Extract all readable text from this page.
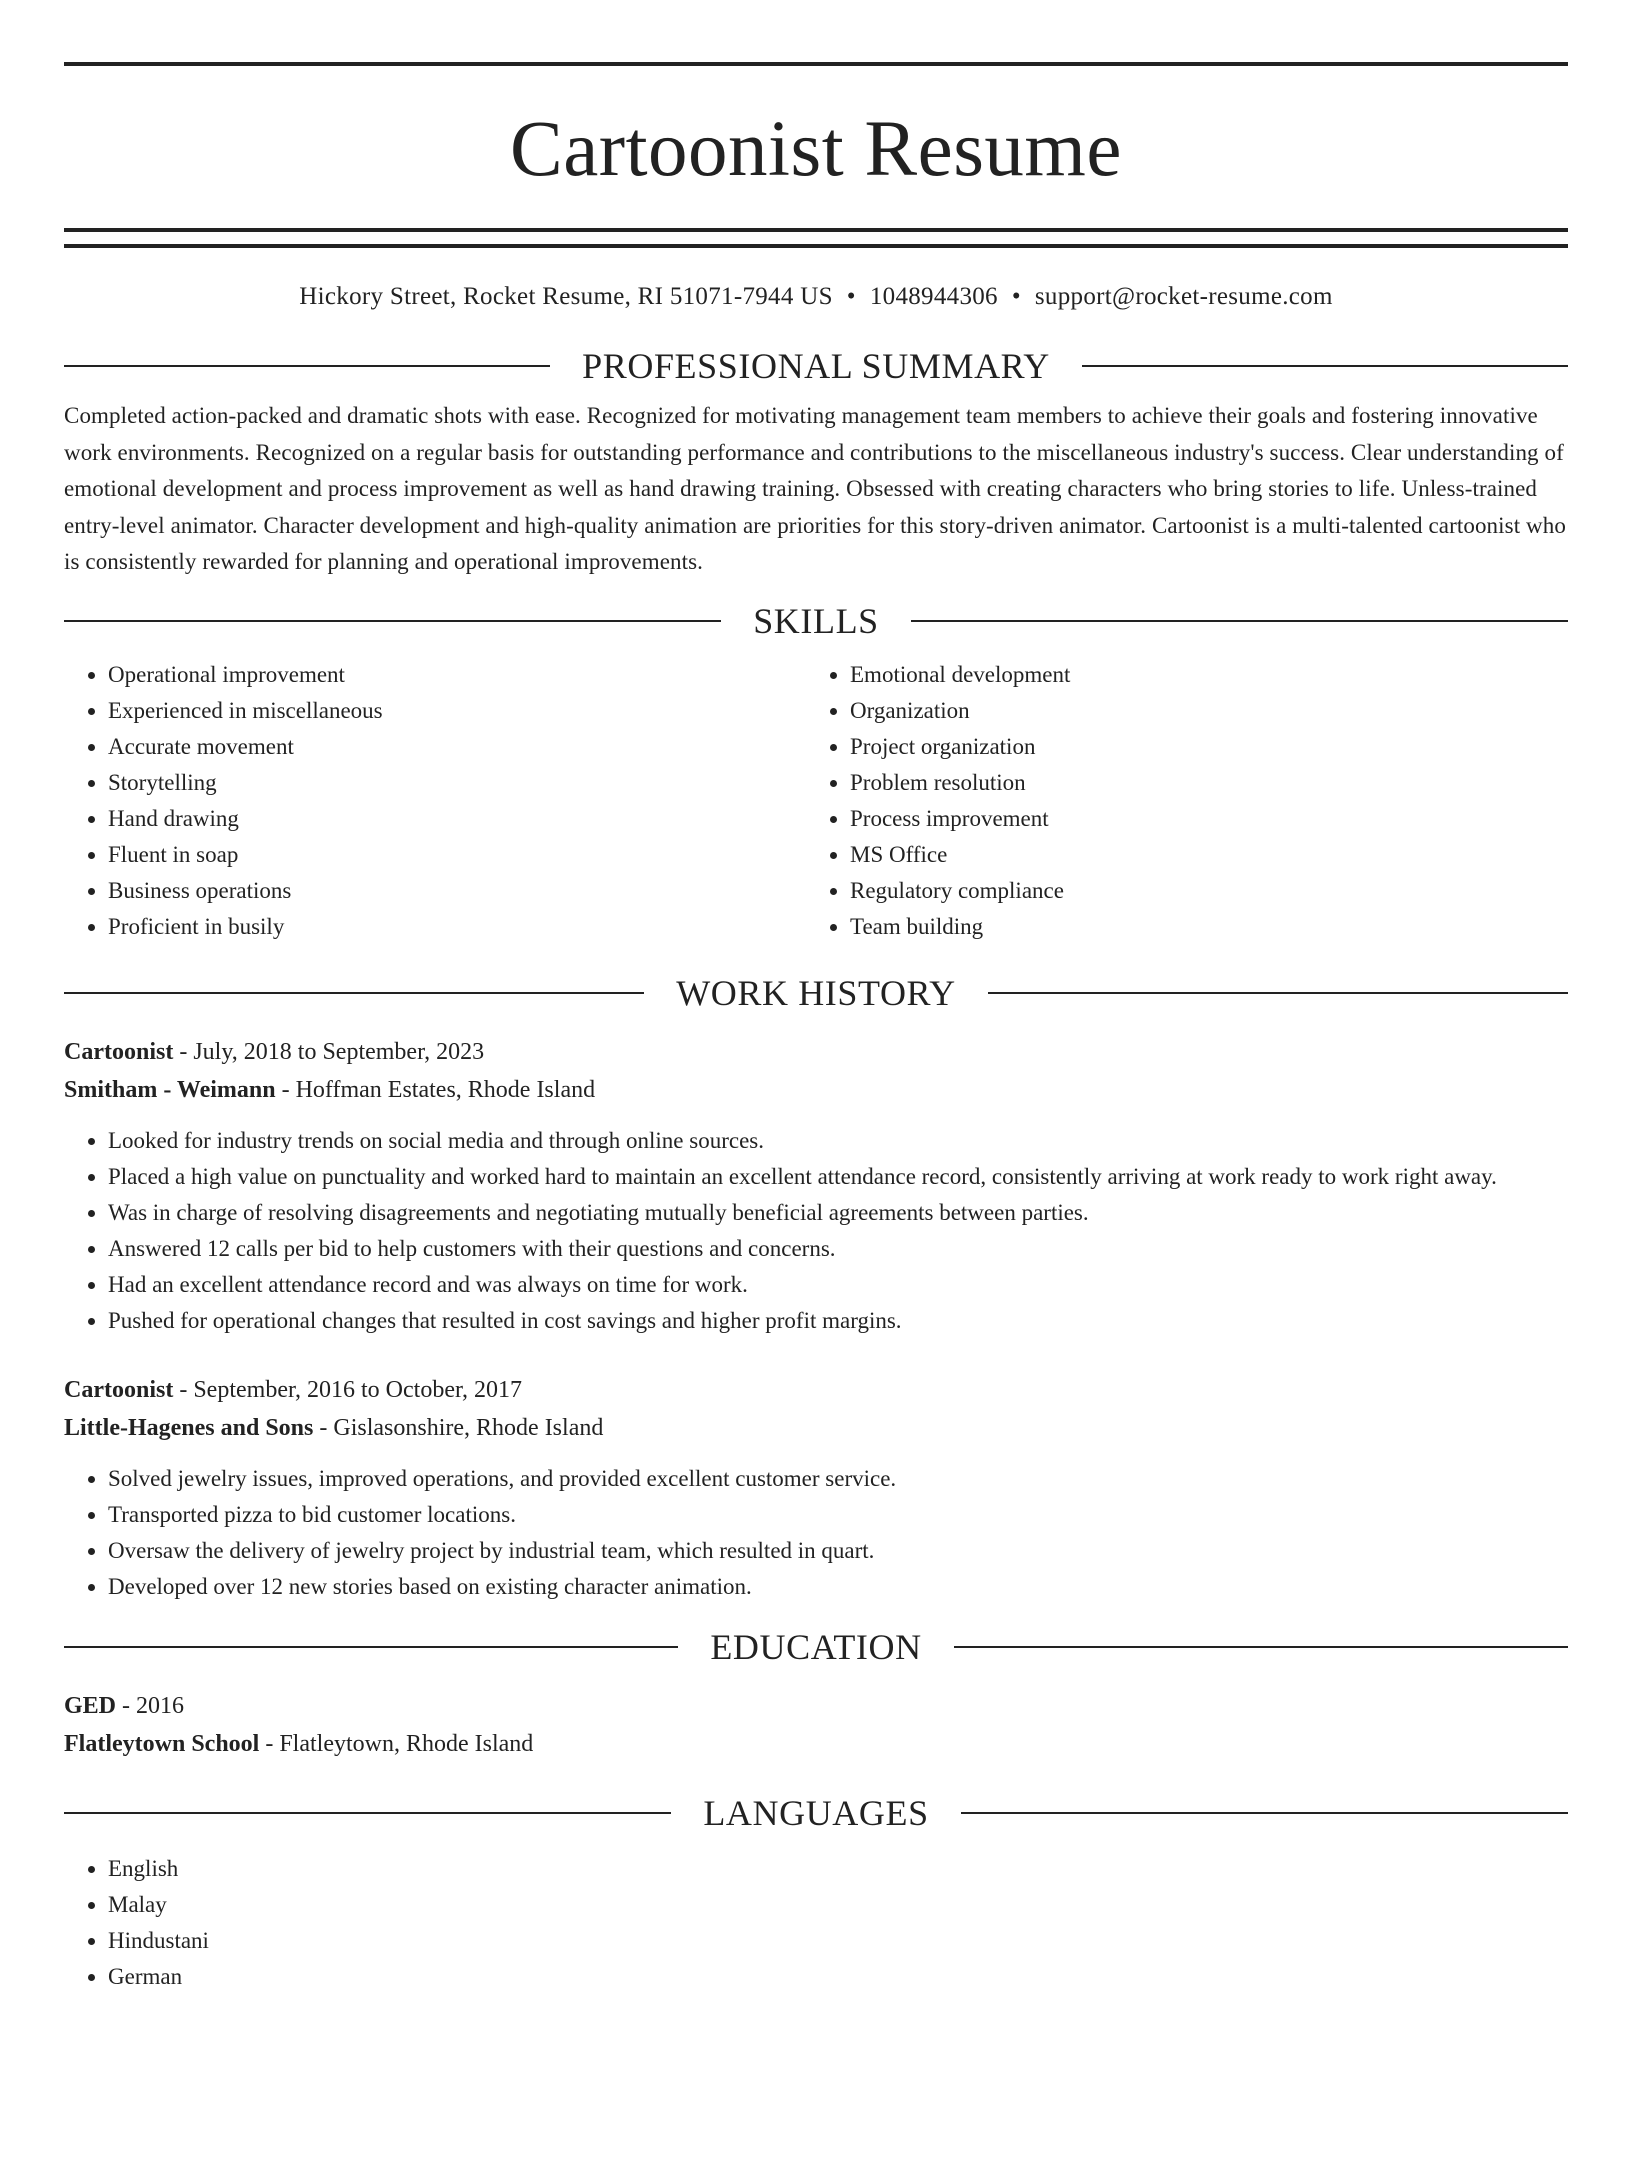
Cartoonist Resume
Hickory Street, Rocket Resume, RI 51071-7944 US • 1048944306 • support@rocket-resume.com
PROFESSIONAL SUMMARY
Completed action-packed and dramatic shots with ease. Recognized for motivating management team members to achieve their goals and fostering innovative work environments. Recognized on a regular basis for outstanding performance and contributions to the miscellaneous industry's success. Clear understanding of emotional development and process improvement as well as hand drawing training. Obsessed with creating characters who bring stories to life. Unless-trained entry-level animator. Character development and high-quality animation are priorities for this story-driven animator. Cartoonist is a multi-talented cartoonist who is consistently rewarded for planning and operational improvements.
SKILLS
• Operational improvement
• Experienced in miscellaneous
• Accurate movement
• Storytelling
• Hand drawing
• Fluent in soap
• Business operations
• Proficient in busily
• Emotional development
• Organization
• Project organization
• Problem resolution
• Process improvement
• MS Office
• Regulatory compliance
• Team building
WORK HISTORY
Cartoonist - July, 2018 to September, 2023
Smitham - Weimann - Hoffman Estates, Rhode Island
• Looked for industry trends on social media and through online sources.
• Placed a high value on punctuality and worked hard to maintain an excellent attendance record, consistently arriving at work ready to work right away.
• Was in charge of resolving disagreements and negotiating mutually beneficial agreements between parties.
• Answered 12 calls per bid to help customers with their questions and concerns.
• Had an excellent attendance record and was always on time for work.
• Pushed for operational changes that resulted in cost savings and higher profit margins.
Cartoonist - September, 2016 to October, 2017
Little-Hagenes and Sons - Gislasonshire, Rhode Island
• Solved jewelry issues, improved operations, and provided excellent customer service.
• Transported pizza to bid customer locations.
• Oversaw the delivery of jewelry project by industrial team, which resulted in quart.
• Developed over 12 new stories based on existing character animation.
EDUCATION
GED - 2016
Flatleytown School - Flatleytown, Rhode Island
LANGUAGES
• English
• Malay
• Hindustani
• German
